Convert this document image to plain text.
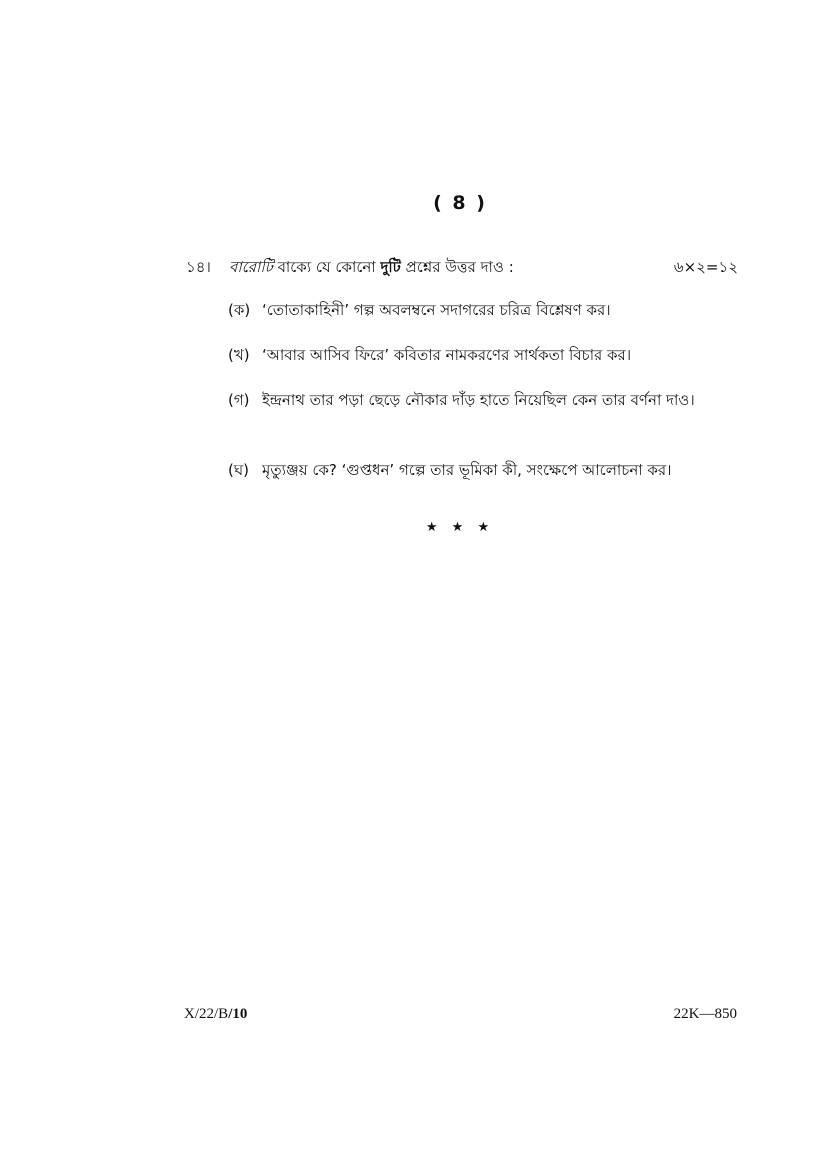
( 8 )
১৪। বারোটি বাক্যে যে কোনো দুটি প্রশ্নের উত্তর দাও :	৬×২=১২
(ক) ‘তোতাকাহিনী’ গল্প অবলম্বনে সদাগরের চরিত্র বিশ্লেষণ কর।
(খ) ‘আবার আসিব ফিরে’ কবিতার নামকরণের সার্থকতা বিচার কর।
(গ) ইন্দ্রনাথ তার পড়া ছেড়ে নৌকার দাঁড় হাতে নিয়েছিল কেন তার বর্ণনা দাও।
(ঘ) মৃত্যুঞ্জয় কে? ‘গুপ্তধন’ গল্পে তার ভূমিকা কী, সংক্ষেপে আলোচনা কর।
★ ★ ★
X/22/B/10	22K—850
